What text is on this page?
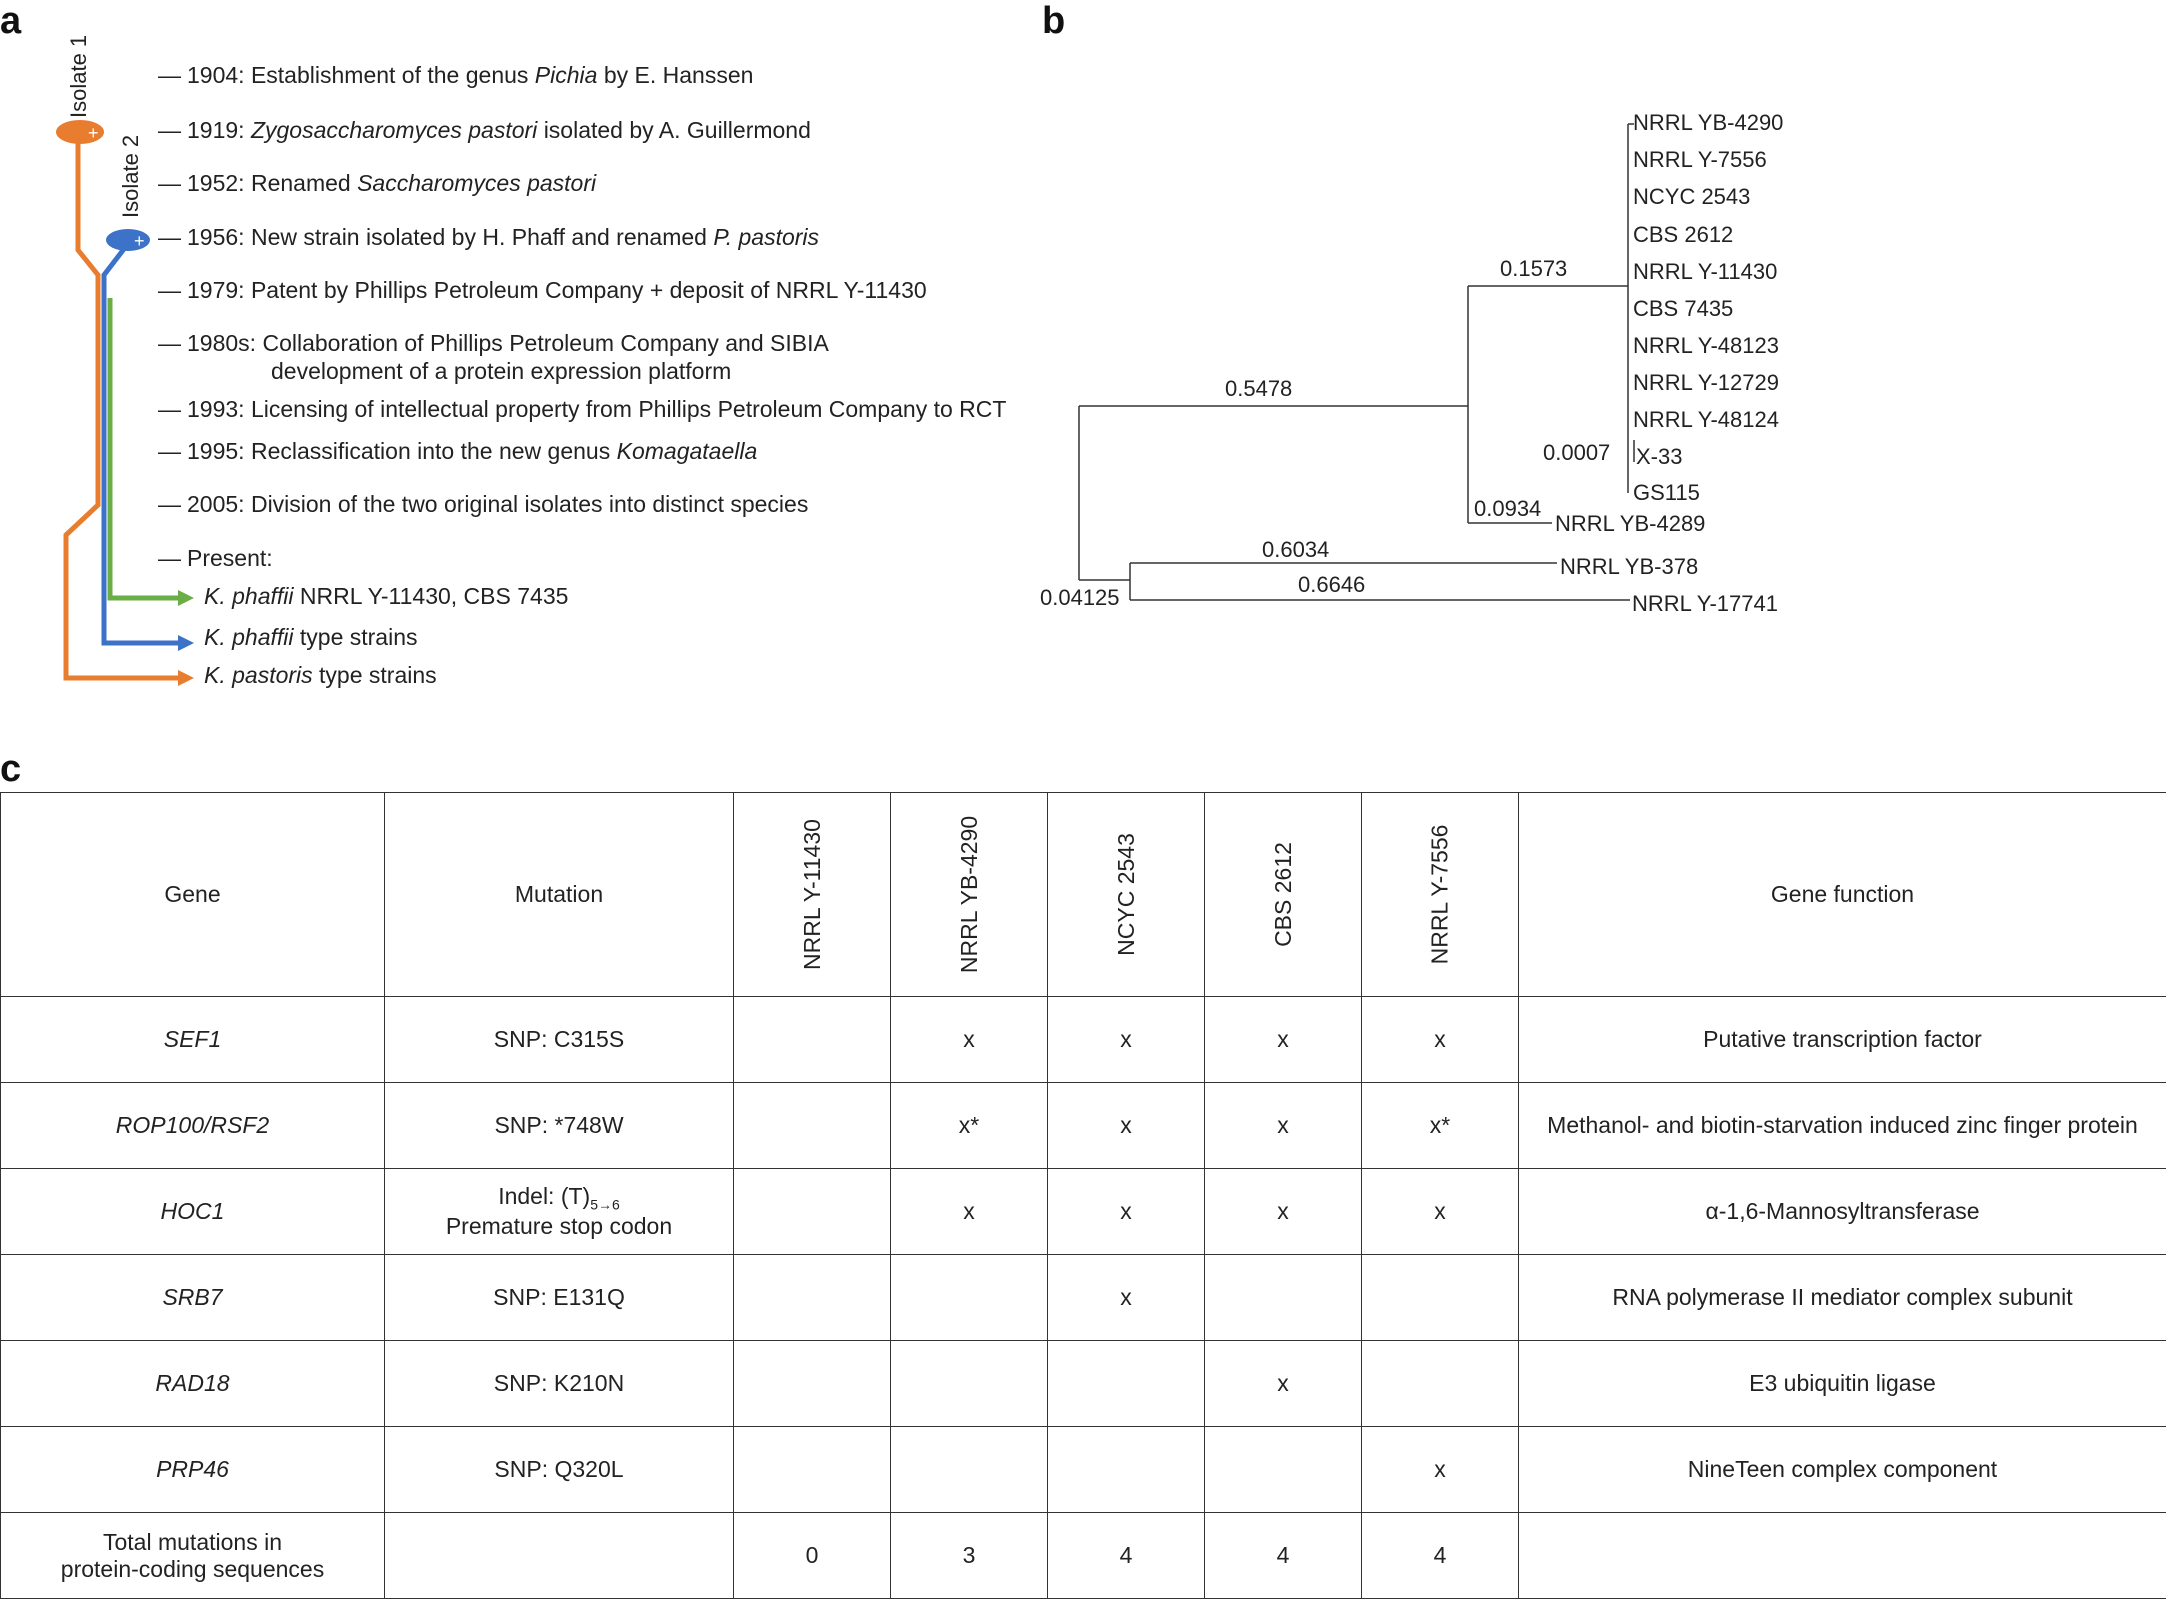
a	b
c
+
+
Isolate 1
Isolate 2
— 1904: Establishment of the genus Pichia by E. Hanssen
— 1919: Zygosaccharomyces pastori isolated by A. Guillermond
— 1952: Renamed Saccharomyces pastori
— 1956: New strain isolated by H. Phaff and renamed P. pastoris
— 1979: Patent by Phillips Petroleum Company + deposit of NRRL Y-11430
— 1980s: Collaboration of Phillips Petroleum Company and SIBIA
development of a protein expression platform
— 1993: Licensing of intellectual property from Phillips Petroleum Company to RCT
— 1995: Reclassification into the new genus Komagataella
— 2005: Division of the two original isolates into distinct species
— Present:
K. phaffii NRRL Y-11430, CBS 7435
K. phaffii type strains
K. pastoris type strains
NRRL YB-4290
NRRL Y-7556
NCYC 2543
CBS 2612
NRRL Y-11430
CBS 7435
NRRL Y-48123
NRRL Y-12729
NRRL Y-48124
X-33
GS115
NRRL YB-4289
NRRL YB-378
NRRL Y-17741
0.5478
0.1573
0.0934
0.0007
0.6034
0.6646
0.04125
Gene	Mutation	NRRL Y-11430	NRRL YB-4290	NCYC 2543	CBS 2612	NRRL Y-7556	Gene function
SEF1	SNP: C315S		x	x	x	x	Putative transcription factor
ROP100/RSF2	SNP: *748W		x*	x	x	x*	Methanol- and biotin-starvation induced zinc finger protein
HOC1	Indel: $(T)_{5\to 6}$
Premature stop codon		x	x	x	x	α-1,6-Mannosyltransferase
SRB7	SNP: E131Q			x			RNA polymerase II mediator complex subunit
RAD18	SNP: K210N				x		E3 ubiquitin ligase
PRP46	SNP: Q320L					x	NineTeen complex component
Total mutations in
protein-coding sequences		0	3	4	4	4	
